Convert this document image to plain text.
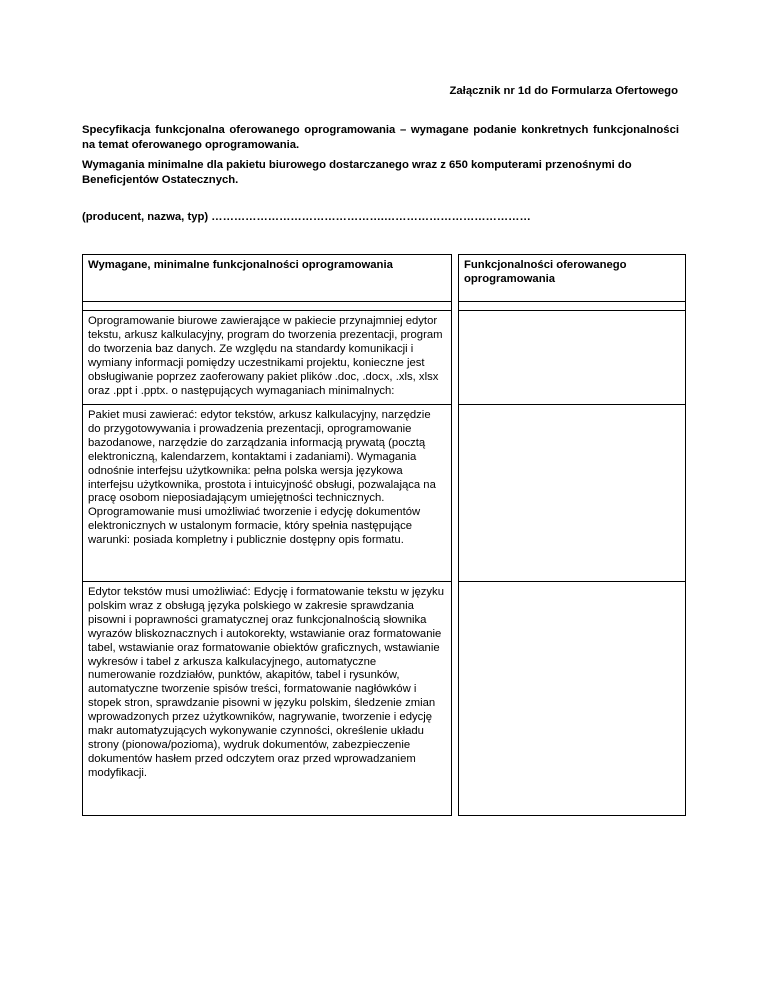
Załącznik nr 1d do Formularza Ofertowego
Specyfikacja funkcjonalna oferowanego oprogramowania – wymagane podanie konkretnych funkcjonalności na temat oferowanego oprogramowania.
Wymagania minimalne dla pakietu biurowego dostarczanego wraz z 650 komputerami przenośnymi do Beneficjentów Ostatecznych.
(producent, nazwa, typ) ……………………………………….…………………………………
Wymagane, minimalne funkcjonalności oprogramowania		Funkcjonalności oferowanego oprogramowania

Oprogramowanie biurowe zawierające w pakiecie przynajmniej edytor tekstu, arkusz kalkulacyjny, program do tworzenia prezentacji, program do tworzenia baz danych. Ze względu na standardy komunikacji i wymiany informacji pomiędzy uczestnikami projektu, konieczne jest obsługiwanie poprzez zaoferowany pakiet plików .doc, .docx, .xls, xlsx oraz .ppt i .pptx. o następujących wymaganiach minimalnych:		
Pakiet musi zawierać: edytor tekstów, arkusz kalkulacyjny, narzędzie do przygotowywania i prowadzenia prezentacji, oprogramowanie bazodanowe, narzędzie do zarządzania informacją prywatą (pocztą elektroniczną, kalendarzem, kontaktami i zadaniami). Wymagania odnośnie interfejsu użytkownika: pełna polska wersja językowa interfejsu użytkownika, prostota i intuicyjność obsługi, pozwalająca na pracę osobom nieposiadającym umiejętności technicznych. Oprogramowanie musi umożliwiać tworzenie i edycję dokumentów elektronicznych w ustalonym formacie, który spełnia następujące warunki: posiada kompletny i publicznie dostępny opis formatu.		
Edytor tekstów musi umożliwiać: Edycję i formatowanie tekstu w języku polskim wraz z obsługą języka polskiego w zakresie sprawdzania pisowni i poprawności gramatycznej oraz funkcjonalnością słownika wyrazów bliskoznacznych i autokorekty, wstawianie oraz formatowanie tabel, wstawianie oraz formatowanie obiektów graficznych, wstawianie wykresów i tabel z arkusza kalkulacyjnego, automatyczne numerowanie rozdziałów, punktów, akapitów, tabel i rysunków, automatyczne tworzenie spisów treści, formatowanie nagłówków i stopek stron, sprawdzanie pisowni w języku polskim, śledzenie zmian wprowadzonych przez użytkowników, nagrywanie, tworzenie i edycję makr automatyzujących wykonywanie czynności, określenie układu strony (pionowa/pozioma), wydruk dokumentów, zabezpieczenie dokumentów hasłem przed odczytem oraz przed wprowadzaniem modyfikacji.		
